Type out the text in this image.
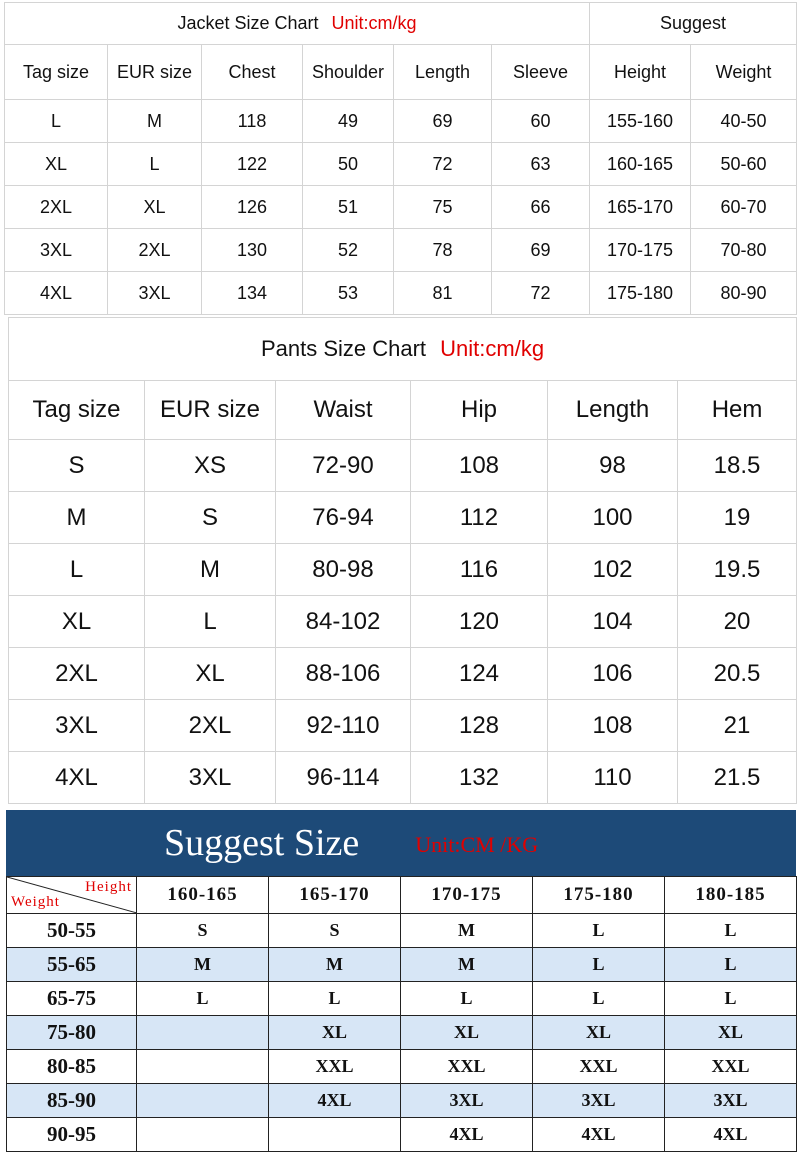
Jacket Size Chart Unit:cm/kg						Suggest	
Tag size	EUR size	Chest	Shoulder	Length	Sleeve	Height	Weight
L	M	118	49	69	60	155-160	40-50
XL	L	122	50	72	63	160-165	50-60
2XL	XL	126	51	75	66	165-170	60-70
3XL	2XL	130	52	78	69	170-175	70-80
4XL	3XL	134	53	81	72	175-180	80-90
Pants Size Chart Unit:cm/kg					
Tag size	EUR size	Waist	Hip	Length	Hem
S	XS	72-90	108	98	18.5
M	S	76-94	112	100	19
L	M	80-98	116	102	19.5
XL	L	84-102	120	104	20
2XL	XL	88-106	124	106	20.5
3XL	2XL	92-110	128	108	21
4XL	3XL	96-114	132	110	21.5
Suggest Size	Unit:CM /KG
Height
Weight	160-165	165-170	170-175	175-180	180-185
50-55	S	S	M	L	L
55-65	M	M	M	L	L
65-75	L	L	L	L	L
75-80		XL	XL	XL	XL
80-85		XXL	XXL	XXL	XXL
85-90		4XL	3XL	3XL	3XL
90-95			4XL	4XL	4XL
